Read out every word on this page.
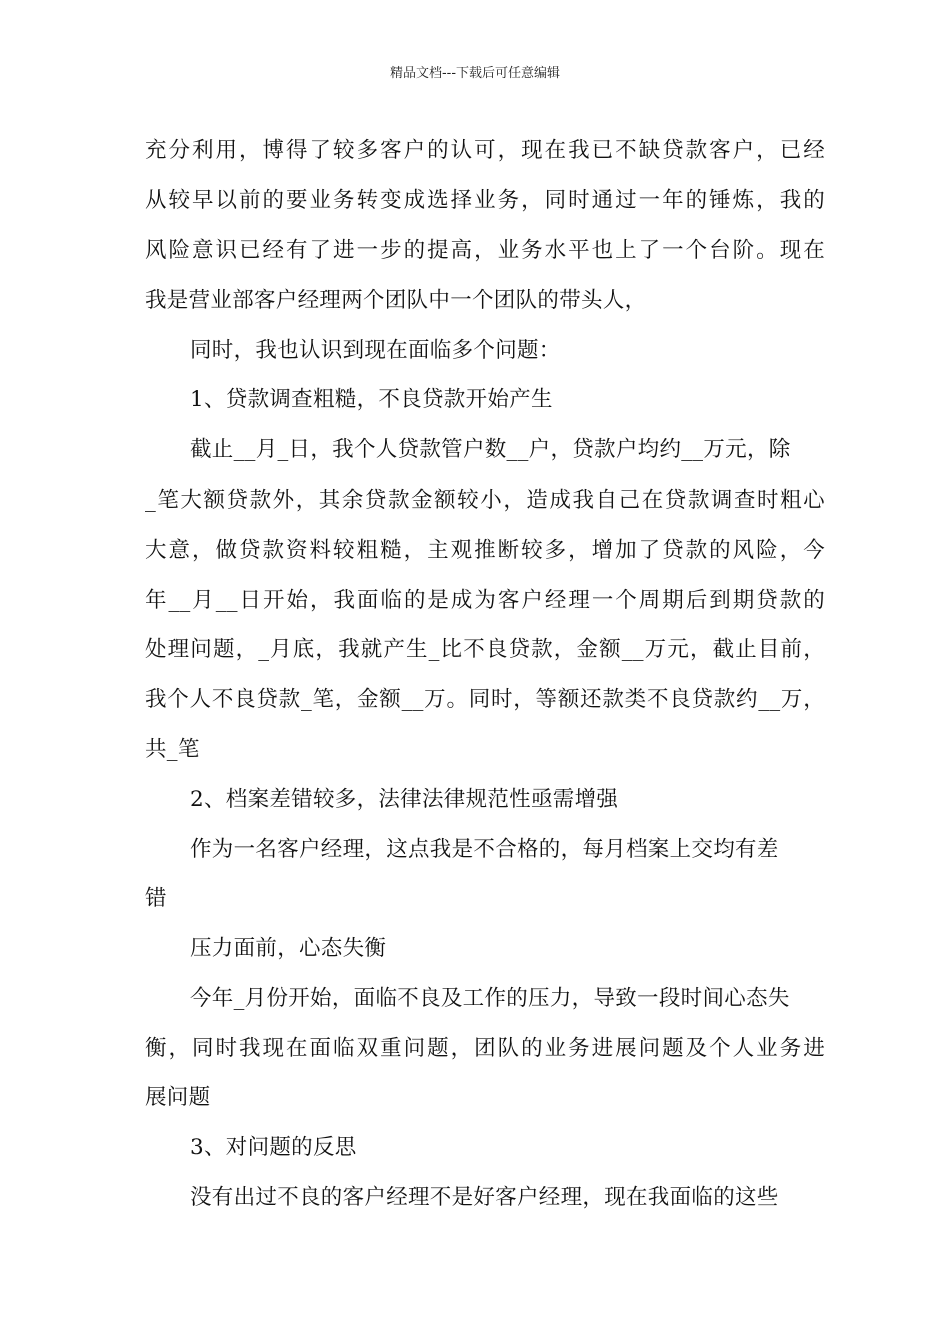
精品文档---下载后可任意编辑
充分利用，博得了较多客户的认可，现在我已不缺贷款客户，已经
从较早以前的要业务转变成选择业务，同时通过一年的锤炼，我的
风险意识已经有了进一步的提高，业务水平也上了一个台阶。现在
我是营业部客户经理两个团队中一个团队的带头人，
同时，我也认识到现在面临多个问题：
1、贷款调查粗糙，不良贷款开始产生
截止__月_日，我个人贷款管户数__户，贷款户均约__万元，除
_笔大额贷款外，其余贷款金额较小，造成我自己在贷款调查时粗心
大意，做贷款资料较粗糙，主观推断较多，增加了贷款的风险，今
年__月__日开始，我面临的是成为客户经理一个周期后到期贷款的
处理问题，_月底，我就产生_比不良贷款，金额__万元，截止目前，
我个人不良贷款_笔，金额__万。同时，等额还款类不良贷款约__万，
共_笔
2、档案差错较多，法律法律规范性亟需增强
作为一名客户经理，这点我是不合格的，每月档案上交均有差
错
压力面前，心态失衡
今年_月份开始，面临不良及工作的压力，导致一段时间心态失
衡，同时我现在面临双重问题，团队的业务进展问题及个人业务进
展问题
3、对问题的反思
没有出过不良的客户经理不是好客户经理，现在我面临的这些
